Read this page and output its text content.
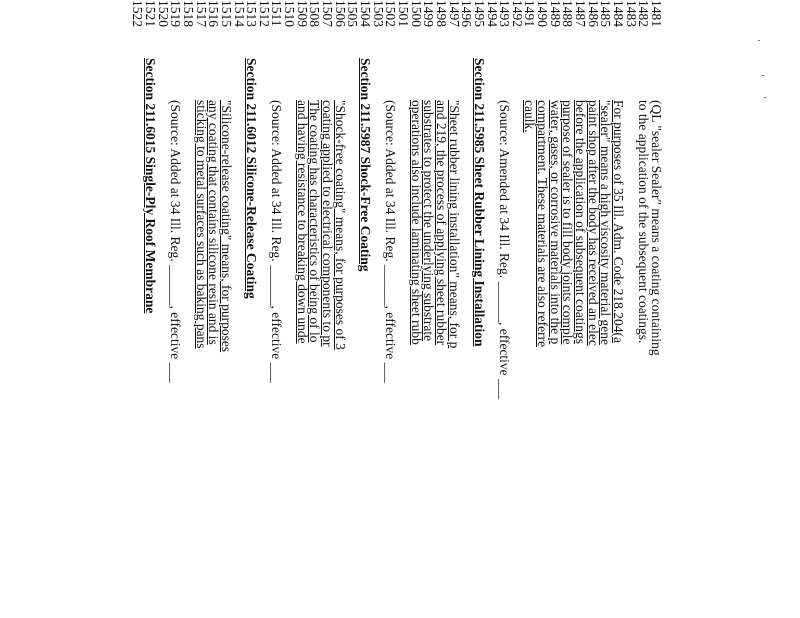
1481
(QL "sealer Sealer" means a coating containing
1482
to the application of the subsequent coatings.
1483
1484
For purposes of 35 Ill. Adm. Code 218.204(a
1485
"sealer" means a high viscosity material gene
1486
paint shop after the body has received an elec
1487
before the application of subsequent coatings
1488
purpose of sealer is to fill body joints comple
1489
water, gases, or corrosive materials into the p
1490
compartment. These materials are also referre
1491
caulk.
1492
1493
(Source: Amended at 34 Ill. Reg. ______, effective ___
1494
1495
Section 211.5985 Sheet Rubber Lining Installation
1496
1497
"Sheet rubber lining installation" means, for p
1498
and 219, the process of applying sheet rubber
1499
substrates to protect the underlying substrate
1500
operations also include laminating sheet rubb
1501
1502
(Source: Added at 34 Ill. Reg. ______, effective ___
1503
1504
Section 211.5987 Shock-Free Coating
1505
1506
"Shock-free coating" means, for purposes of 3
1507
coating applied to electrical components to pr
1508
The coating has characteristics of being of lo
1509
and having resistance to breaking down unde
1510
1511
(Source: Added at 34 Ill. Reg. ______, effective ___
1512
1513
Section 211.6012 Silicone-Release Coating
1514
1515
"Silicone-release coating" means, for purposes
1516
any coating that contains silicone resin and is
1517
sticking to metal surfaces such as baking pans
1518
1519
(Source: Added at 34 Ill. Reg. ______, effective ___
1520
1521
Section 211.6015 Single-Ply Roof Membrane
1522
